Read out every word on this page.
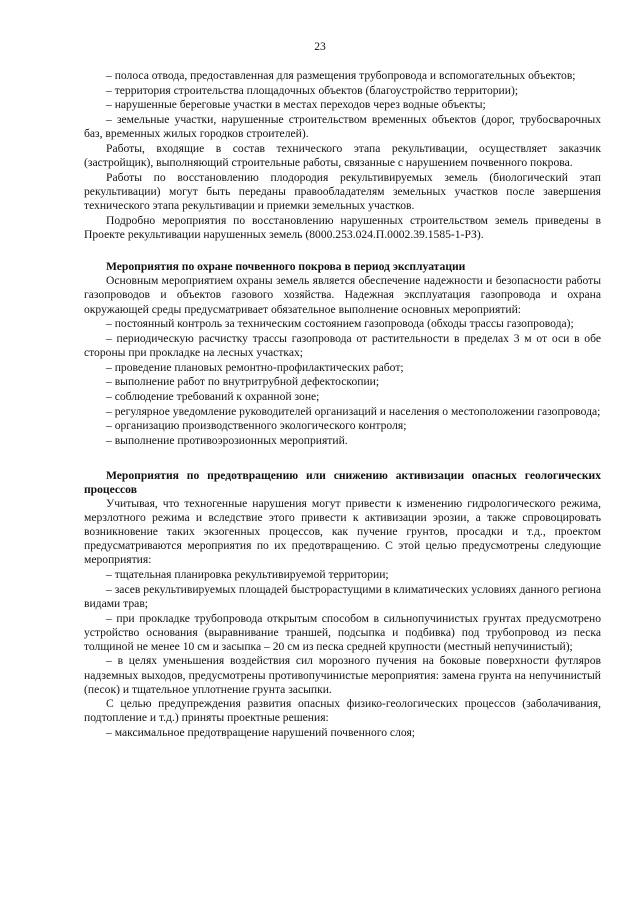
23

– полоса отвода, предоставленная для размещения трубопровода и вспомогательных объектов;

– территория строительства площадочных объектов (благоустройство территории);

– нарушенные береговые участки в местах переходов через водные объекты;

– земельные участки, нарушенные строительством временных объектов (дорог, трубосварочных баз, временных жилых городков строителей).

Работы, входящие в состав технического этапа рекультивации, осуществляет заказчик (застройщик), выполняющий строительные работы, связанные с нарушением почвенного покрова.

Работы по восстановлению плодородия рекультивируемых земель (биологический этап рекультивации) могут быть переданы правообладателям земельных участков после завершения технического этапа рекультивации и приемки земельных участков.

Подробно мероприятия по восстановлению нарушенных строительством земель приведены в Проекте рекультивации нарушенных земель (8000.253.024.П.0002.39.1585-1-РЗ).

Мероприятия по охране почвенного покрова в период эксплуатации

Основным мероприятием охраны земель является обеспечение надежности и безопасности работы газопроводов и объектов газового хозяйства. Надежная эксплуатация газопровода и охрана окружающей среды предусматривает обязательное выполнение основных мероприятий:

– постоянный контроль за техническим состоянием газопровода (обходы трассы газопровода);

– периодическую расчистку трассы газопровода от растительности в пределах 3 м от оси в обе стороны при прокладке на лесных участках;

– проведение плановых ремонтно-профилактических работ;

– выполнение работ по внутритрубной дефектоскопии;

– соблюдение требований к охранной зоне;

– регулярное уведомление руководителей организаций и населения о местоположении газопровода;

– организацию производственного экологического контроля;

– выполнение противоэрозионных мероприятий.

Мероприятия по предотвращению или снижению активизации опасных геологических процессов

Учитывая, что техногенные нарушения могут привести к изменению гидрологического режима, мерзлотного режима и вследствие этого привести к активизации эрозии, а также спровоцировать возникновение таких экзогенных процессов, как пучение грунтов, просадки и т.д., проектом предусматриваются мероприятия по их предотвращению. С этой целью предусмотрены следующие мероприятия:

– тщательная планировка рекультивируемой территории;

– засев рекультивируемых площадей быстрорастущими в климатических условиях данного региона видами трав;

– при прокладке трубопровода открытым способом в сильнопучинистых грунтах предусмотрено устройство основания (выравнивание траншей, подсыпка и подбивка) под трубопровод из песка толщиной не менее 10 см и засыпка – 20 см из песка средней крупности (местный непучинистый);

– в целях уменьшения воздействия сил морозного пучения на боковые поверхности футляров надземных выходов, предусмотрены противопучинистые мероприятия: замена грунта на непучинистый (песок) и тщательное уплотнение грунта засыпки.

С целью предупреждения развития опасных физико-геологических процессов (заболачивания, подтопление и т.д.) приняты проектные решения:

– максимальное предотвращение нарушений почвенного слоя;
